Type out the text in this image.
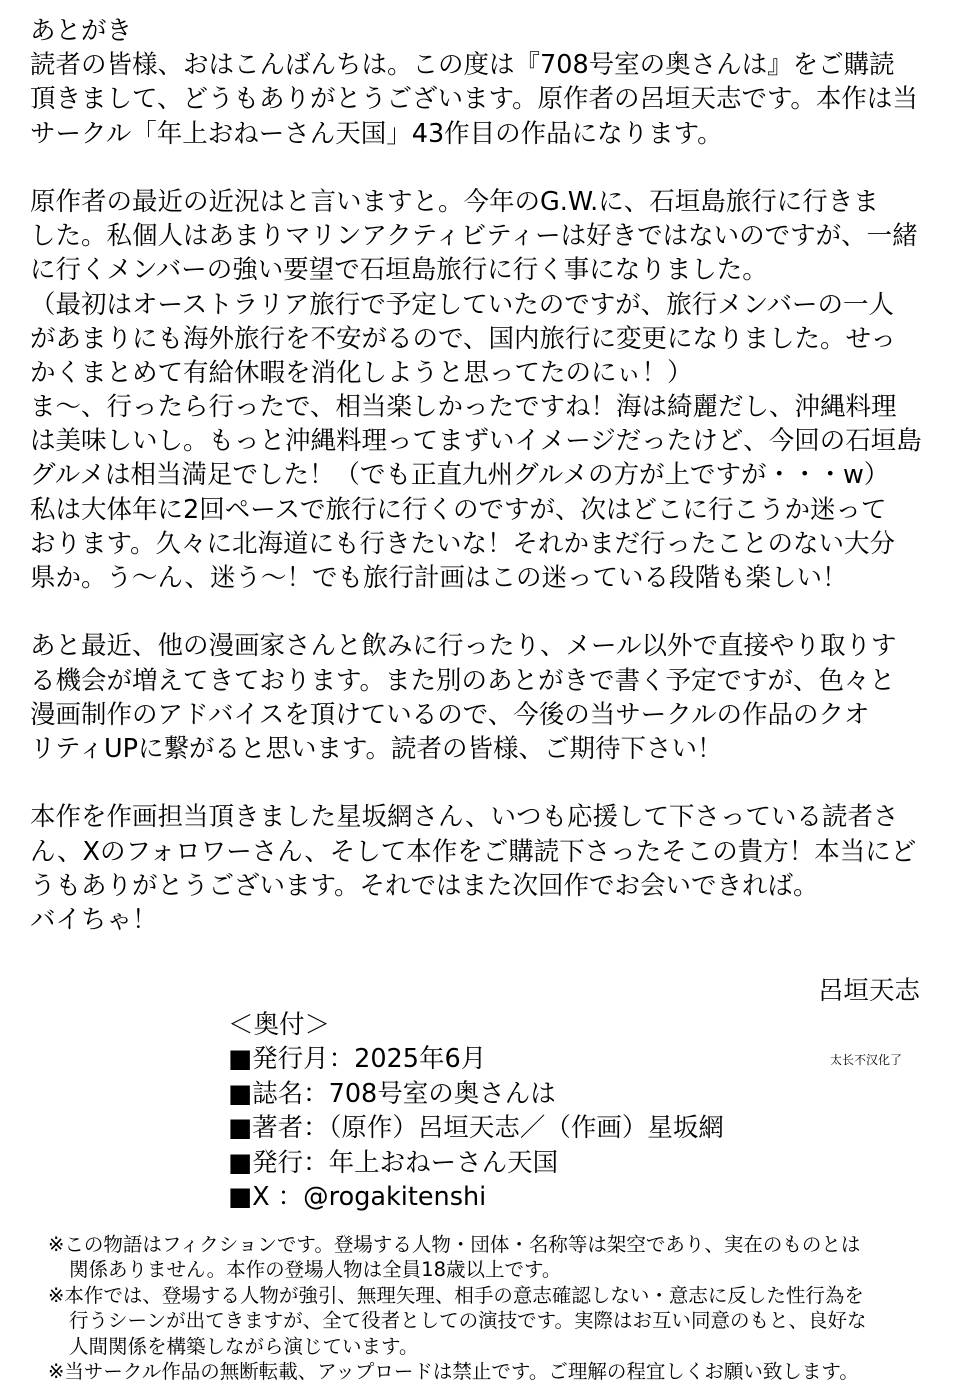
あとがき
読者の皆様、おはこんばんちは。この度は『708号室の奥さんは』をご購読
頂きまして、どうもありがとうございます。原作者の呂垣天志です。本作は当
サークル「年上おねーさん天国」43作目の作品になります。
原作者の最近の近況はと言いますと。今年のG.W.に、石垣島旅行に行きま
した。私個人はあまりマリンアクティビティーは好きではないのですが、一緒
に行くメンバーの強い要望で石垣島旅行に行く事になりました。
（最初はオーストラリア旅行で予定していたのですが、旅行メンバーの一人
があまりにも海外旅行を不安がるので、国内旅行に変更になりました。せっ
かくまとめて有給休暇を消化しようと思ってたのにぃ！）
ま～、行ったら行ったで、相当楽しかったですね！海は綺麗だし、沖縄料理
は美味しいし。もっと沖縄料理ってまずいイメージだったけど、今回の石垣島
グルメは相当満足でした！（でも正直九州グルメの方が上ですが・・・w）
私は大体年に2回ペースで旅行に行くのですが、次はどこに行こうか迷って
おります。久々に北海道にも行きたいな！それかまだ行ったことのない大分
県か。う～ん、迷う～！でも旅行計画はこの迷っている段階も楽しい！
あと最近、他の漫画家さんと飲みに行ったり、メール以外で直接やり取りす
る機会が増えてきております。また別のあとがきで書く予定ですが、色々と
漫画制作のアドバイスを頂けているので、今後の当サークルの作品のクオ
リティUPに繋がると思います。読者の皆様、ご期待下さい！
本作を作画担当頂きました星坂網さん、いつも応援して下さっている読者さ
ん、Xのフォロワーさん、そして本作をご購読下さったそこの貴方！本当にど
うもありがとうございます。それではまた次回作でお会いできれば。
バイちゃ！
呂垣天志
＜奥付＞
■発行月：2025年6月
■誌名：708号室の奥さんは
■著者：（原作）呂垣天志／（作画）星坂網
■発行：年上おねーさん天国
■X ：@rogakitenshi
太长不汉化了
※この物語はフィクションです。登場する人物・団体・名称等は架空であり、実在のものとは
関係ありません。本作の登場人物は全員18歳以上です。
※本作では、登場する人物が強引、無理矢理、相手の意志確認しない・意志に反した性行為を
行うシーンが出てきますが、全て役者としての演技です。実際はお互い同意のもと、良好な
人間関係を構築しながら演じています。
※当サークル作品の無断転載、アップロードは禁止です。ご理解の程宜しくお願い致します。
